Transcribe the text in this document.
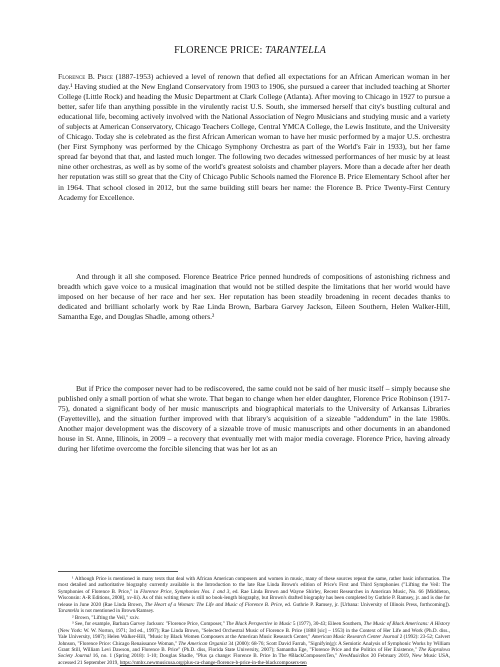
FLORENCE PRICE: TARANTELLA

Florence B. Price (1887-1953) achieved a level of renown that defied all expectations for an African American woman in her day.¹ Having studied at the New England Conservatory from 1903 to 1906, she pursued a career that included teaching at Shorter College (Little Rock) and heading the Music Department at Clark College (Atlanta). After moving to Chicago in 1927 to pursue a better, safer life than anything possible in the virulently racist U.S. South, she immersed herself that city's bustling cultural and educational life, becoming actively involved with the National Association of Negro Musicians and studying music and a variety of subjects at American Conservatory, Chicago Teachers College, Central YMCA College, the Lewis Institute, and the University of Chicago. Today she is celebrated as the first African American woman to have her music performed by a major U.S. orchestra (her First Symphony was performed by the Chicago Symphony Orchestra as part of the World's Fair in 1933), but her fame spread far beyond that that, and lasted much longer. The following two decades witnessed performances of her music by at least nine other orchestras, as well as by some of the world's greatest soloists and chamber players. More than a decade after her death her reputation was still so great that the City of Chicago Public Schools named the Florence B. Price Elementary School after her in 1964. That school closed in 2012, but the same building still bears her name: the Florence B. Price Twenty-First Century Academy for Excellence.

And through it all she composed. Florence Beatrice Price penned hundreds of compositions of astonishing richness and breadth which gave voice to a musical imagination that would not be stilled despite the limitations that her world would have imposed on her because of her race and her sex. Her reputation has been steadily broadening in recent decades thanks to dedicated and brilliant scholarly work by Rae Linda Brown, Barbara Garvey Jackson, Eileen Southern, Helen Walker-Hill, Samantha Ege, and Douglas Shadle, among others.²

But if Price the composer never had to be rediscovered, the same could not be said of her music itself – simply because she published only a small portion of what she wrote. That began to change when her elder daughter, Florence Price Robinson (1917-75), donated a significant body of her music manuscripts and biographical materials to the University of Arkansas Libraries (Fayetteville), and the situation further improved with that library's acquisition of a sizeable "addendum" in the late 1980s. Another major development was the discovery of a sizeable trove of music manuscripts and other documents in an abandoned house in St. Anne, Illinois, in 2009 – a recovery that eventually met with major media coverage. Florence Price, having already during her lifetime overcome the forcible silencing that was her lot as an

¹ Although Price is mentioned in many texts that deal with African American composers and women in music, many of these sources repeat the same, rather basic information. The most detailed and authoritative biography currently available is the Introduction to the late Rae Linda Brown's edition of Price's First and Third Symphonies ("Lifting the Veil: The Symphonies of Florence B. Price," in Florence Price, Symphonies Nos. 1 and 3, ed. Rae Linda Brown and Wayne Shirley, Recent Researches in American Music, No. 66 [Middleton, Wisconsin: A-R Editions, 2008], xv-lii). As of this writing there is still no book-length biography, but Brown's drafted biography has been completed by Guthrie P. Ramsey, jr. and is due for release in June 2020 (Rae Linda Brown, The Heart of a Woman: The Life and Music of Florence B. Price, ed. Guthrie P. Ramsey, jr. [Urbana: University of Illinois Press, forthcoming]). Tarantella is not mentioned in Brown/Ramsey.

² Brown, "Lifting the Veil," xxiv.

³ See, for example, Barbara Garvey Jackson: "Florence Price, Composer," The Black Perspective in Music 5 (1977), 30-43; Eileen Southern, The Music of Black Americans: A History (New York: W. W. Norton, 1971; 3rd ed., 1997); Rae Linda Brown, "Selected Orchestral Music of Florence B. Price (1888 [sic] – 1953) in the Context of Her Life and Work (Ph.D. diss., Yale University, 1987); Helen Walker-Hill, "Music by Black Women Composers at the American Music Research Center," American Music Research Center Journal 2 (1992): 23-52; Calvert Johnson, "Florence Price: Chicago Renaissance Woman," The American Organist 34 (2000): 68-76; Scott David Farrah, "Signifyin(g): A Semiotic Analysis of Symphonic Works by William Grant Still, William Levi Dawson, and Florence B. Price" (Ph.D. diss, Florida State University, 2007); Samantha Ege, "Florence Price and the Politics of Her Existence," The Kapralova Society Journal 16, no. 1 (Spring 2018): 1-10; Douglas Shadle, "Plus ça change: Florence B. Price In The #BlackComposersTen," NewMusicBox 20 February 2019, New Music USA, accessed 21 September 2019, https://nmbx.newmusicusa.org/plus-ca-change-florence-b-price-in-the-blackcomposers-ten
